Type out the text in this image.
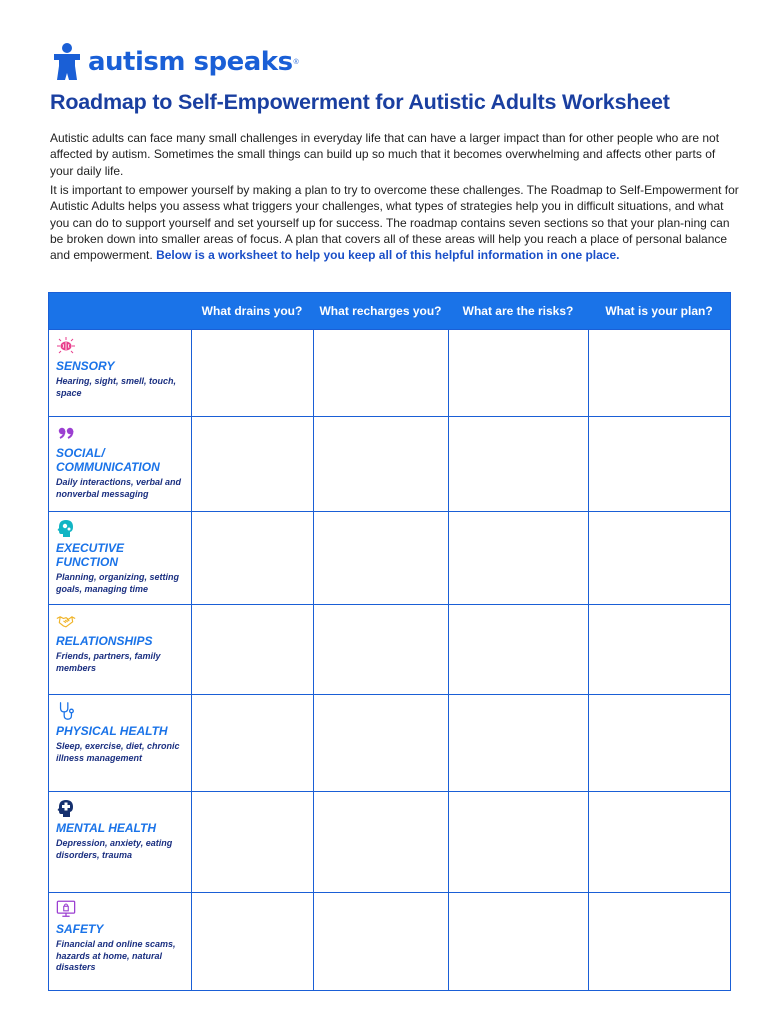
autism speaks ®
Roadmap to Self-Empowerment for Autistic Adults Worksheet

Autistic adults can face many small challenges in everyday life that can have a larger impact than for other people who are not affected by autism. Sometimes the small things can build up so much that it becomes overwhelming and affects other parts of your daily life.

It is important to empower yourself by making a plan to try to overcome these challenges. The Roadmap to Self-Empowerment for Autistic Adults helps you assess what triggers your challenges, what types of strategies help you in difficult situations, and what you can do to support yourself and set yourself up for success. The roadmap contains seven sections so that your plan-ning can be broken down into smaller areas of focus. A plan that covers all of these areas will help you reach a place of personal balance and empowerment. Below is a worksheet to help you keep all of this helpful information in one place.

What drains you?	What recharges you?	What are the risks?	What is your plan?
SENSORY
Hearing, sight, smell, touch, space
SOCIAL/ COMMUNICATION
Daily interactions, verbal and nonverbal messaging
EXECUTIVE FUNCTION
Planning, organizing, setting goals, managing time
RELATIONSHIPS
Friends, partners, family members
PHYSICAL HEALTH
Sleep, exercise, diet, chronic illness management
MENTAL HEALTH
Depression, anxiety, eating disorders, trauma
SAFETY
Financial and online scams, hazards at home, natural disasters
